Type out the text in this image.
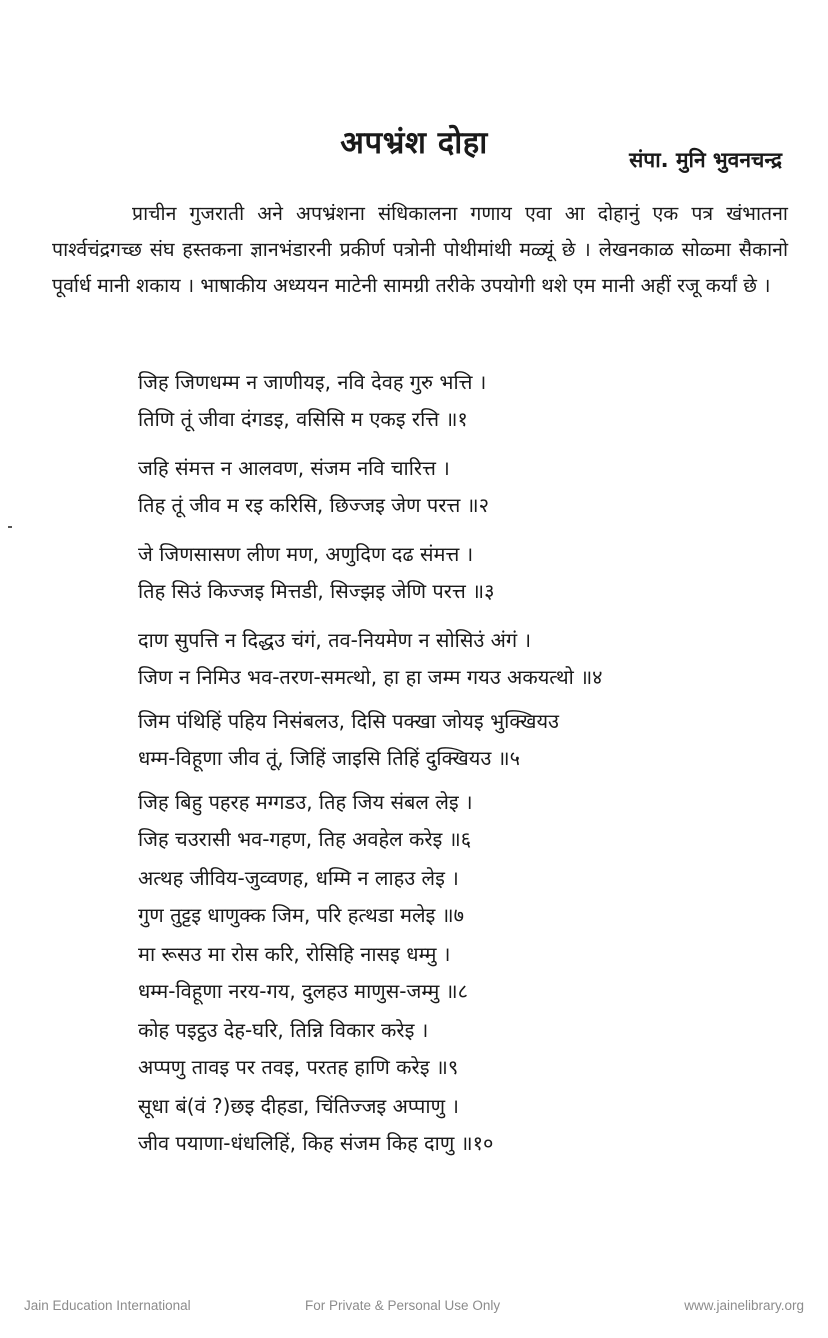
अपभ्रंश दोहा	संपा. मुनि भुवनचन्द्र

प्राचीन गुजराती अने अपभ्रंशना संधिकालना गणाय एवा आ दोहानुं एक पत्र खंभातना पार्श्वचंद्रगच्छ संघ हस्तकना ज्ञानभंडारनी प्रकीर्ण पत्रोनी पोथीमांथी मळ्यूं छे । लेखनकाळ सोळ्मा सैकानो पूर्वार्ध मानी शकाय । भाषाकीय अध्ययन माटेनी सामग्री तरीके उपयोगी थशे एम मानी अहीं रजू कर्यां छे ।

जिह जिणधम्म न जाणीयइ, नवि देवह गुरु भत्ति ।
तिणि तूं जीवा दंगडइ, वसिसि म एकइ रत्ति ॥१
जहि संमत्त न आलवण, संजम नवि चारित्त ।
तिह तूं जीव म रइ करिसि, छिज्जइ जेण परत्त ॥२
जे जिणसासण लीण मण, अणुदिण दढ संमत्त ।
तिह सिउं किज्जइ मित्तडी, सिज्झइ जेणि परत्त ॥३
दाण सुपत्ति न दिद्धउ चंगं, तव-नियमेण न सोसिउं अंगं ।
जिण न निमिउ भव-तरण-समत्थो, हा हा जम्म गयउ अकयत्थो ॥४
जिम पंथिहिं पहिय निसंबलउ, दिसि पक्खा जोयइ भुक्खियउ
धम्म-विहूणा जीव तूं, जिहिं जाइसि तिहिं दुक्खियउ ॥५
जिह बिहु पहरह मग्गडउ, तिह जिय संबल लेइ ।
जिह चउरासी भव-गहण, तिह अवहेल करेइ ॥६
अत्थह जीविय-जुव्वणह, धम्मि न लाहउ लेइ ।
गुण तुट्टइ धाणुक्क जिम, परि हत्थडा मलेइ ॥७
मा रूसउ मा रोस करि, रोसिहि नासइ धम्मु ।
धम्म-विहूणा नरय-गय, दुलहउ माणुस-जम्मु ॥८
कोह पइट्ठउ देह-घरि, तिन्नि विकार करेइ ।
अप्पणु तावइ पर तवइ, परतह हाणि करेइ ॥९
सूधा बं(वं ?)छइ दीहडा, चिंतिज्जइ अप्पाणु ।
जीव पयाणा-धंधलिहिं, किह संजम किह दाणु ॥१०
Jain Education International	For Private & Personal Use Only	www.jainelibrary.org
